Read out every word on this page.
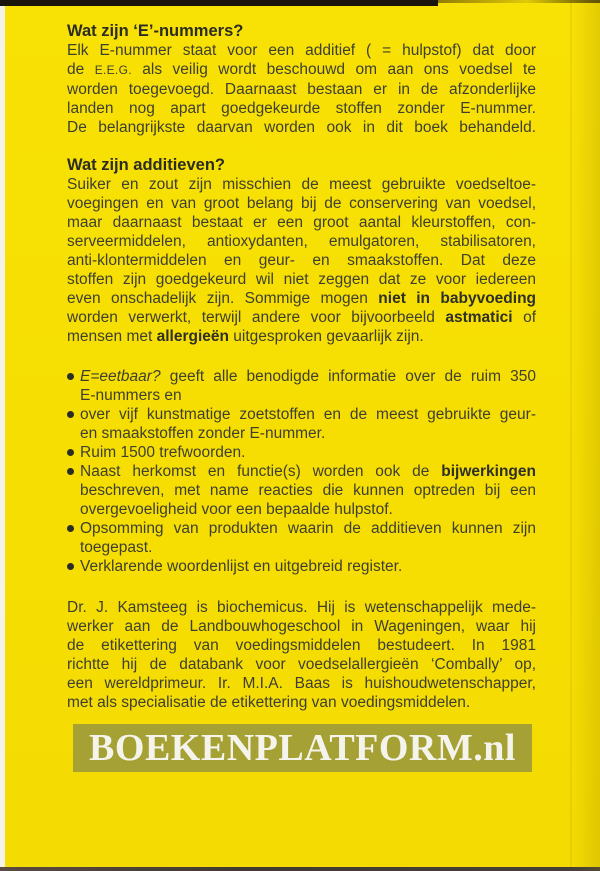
Wat zijn ‘E’-nummers?
Elk E-nummer staat voor een additief ( = hulpstof) dat door
de E.E.G. als veilig wordt beschouwd om aan ons voedsel te
worden toegevoegd. Daarnaast bestaan er in de afzonderlijke
landen nog apart goedgekeurde stoffen zonder E-nummer.
De belangrijkste daarvan worden ook in dit boek behandeld.
Wat zijn additieven?
Suiker en zout zijn misschien de meest gebruikte voedseltoe-
voegingen en van groot belang bij de conservering van voedsel,
maar daarnaast bestaat er een groot aantal kleurstoffen, con-
serveermiddelen, antioxydanten, emulgatoren, stabilisatoren,
anti-klontermiddelen en geur- en smaakstoffen. Dat deze
stoffen zijn goedgekeurd wil niet zeggen dat ze voor iedereen
even onschadelijk zijn. Sommige mogen niet in babyvoeding
worden verwerkt, terwijl andere voor bijvoorbeeld astmatici of
mensen met allergieën uitgesproken gevaarlijk zijn.
E=eetbaar? geeft alle benodigde informatie over de ruim 350
E-nummers en
over vijf kunstmatige zoetstoffen en de meest gebruikte geur-
en smaakstoffen zonder E-nummer.
Ruim 1500 trefwoorden.
Naast herkomst en functie(s) worden ook de bijwerkingen
beschreven, met name reacties die kunnen optreden bij een
overgevoeligheid voor een bepaalde hulpstof.
Opsomming van produkten waarin de additieven kunnen zijn
toegepast.
Verklarende woordenlijst en uitgebreid register.
Dr. J. Kamsteeg is biochemicus. Hij is wetenschappelijk mede-
werker aan de Landbouwhogeschool in Wageningen, waar hij
de etikettering van voedingsmiddelen bestudeert. In 1981
richtte hij de databank voor voedselallergieën ‘Combally’ op,
een wereldprimeur. Ir. M.I.A. Baas is huishoudwetenschapper,
met als specialisatie de etikettering van voedingsmiddelen.
BOEKENPLATFORM.nl
